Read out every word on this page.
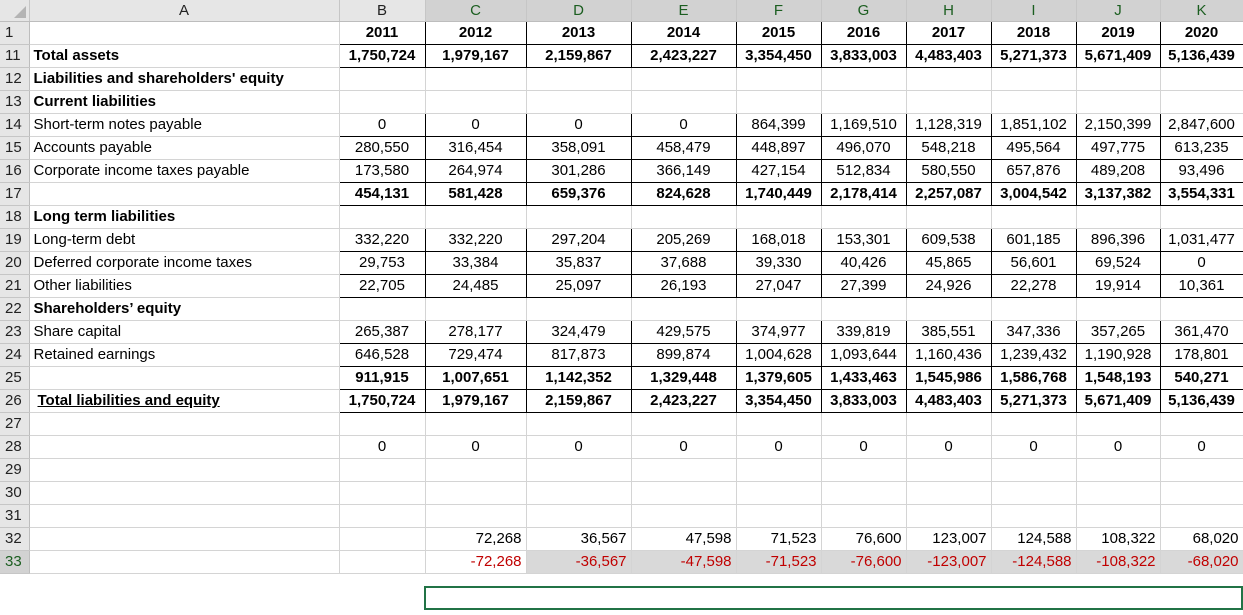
	A	B	C	D	E	F	G	H	I	J	K
1		2011	2012	2013	2014	2015	2016	2017	2018	2019	2020
11	Total assets	1,750,724	1,979,167	2,159,867	2,423,227	3,354,450	3,833,003	4,483,403	5,271,373	5,671,409	5,136,439
12	Liabilities and shareholders' equity										
13	Current liabilities										
14	Short-term notes payable	0	0	0	0	864,399	1,169,510	1,128,319	1,851,102	2,150,399	2,847,600
15	Accounts payable	280,550	316,454	358,091	458,479	448,897	496,070	548,218	495,564	497,775	613,235
16	Corporate income taxes payable	173,580	264,974	301,286	366,149	427,154	512,834	580,550	657,876	489,208	93,496
17		454,131	581,428	659,376	824,628	1,740,449	2,178,414	2,257,087	3,004,542	3,137,382	3,554,331
18	Long term liabilities										
19	Long-term debt	332,220	332,220	297,204	205,269	168,018	153,301	609,538	601,185	896,396	1,031,477
20	Deferred corporate income taxes	29,753	33,384	35,837	37,688	39,330	40,426	45,865	56,601	69,524	0
21	Other liabilities	22,705	24,485	25,097	26,193	27,047	27,399	24,926	22,278	19,914	10,361
22	Shareholders’ equity										
23	Share capital	265,387	278,177	324,479	429,575	374,977	339,819	385,551	347,336	357,265	361,470
24	Retained earnings	646,528	729,474	817,873	899,874	1,004,628	1,093,644	1,160,436	1,239,432	1,190,928	178,801
25		911,915	1,007,651	1,142,352	1,329,448	1,379,605	1,433,463	1,545,986	1,586,768	1,548,193	540,271
26	Total liabilities and equity	1,750,724	1,979,167	2,159,867	2,423,227	3,354,450	3,833,003	4,483,403	5,271,373	5,671,409	5,136,439
27											
28		0	0	0	0	0	0	0	0	0	0
29											
30											
31											
32			72,268	36,567	47,598	71,523	76,600	123,007	124,588	108,322	68,020
33			-72,268	-36,567	-47,598	-71,523	-76,600	-123,007	-124,588	-108,322	-68,020
